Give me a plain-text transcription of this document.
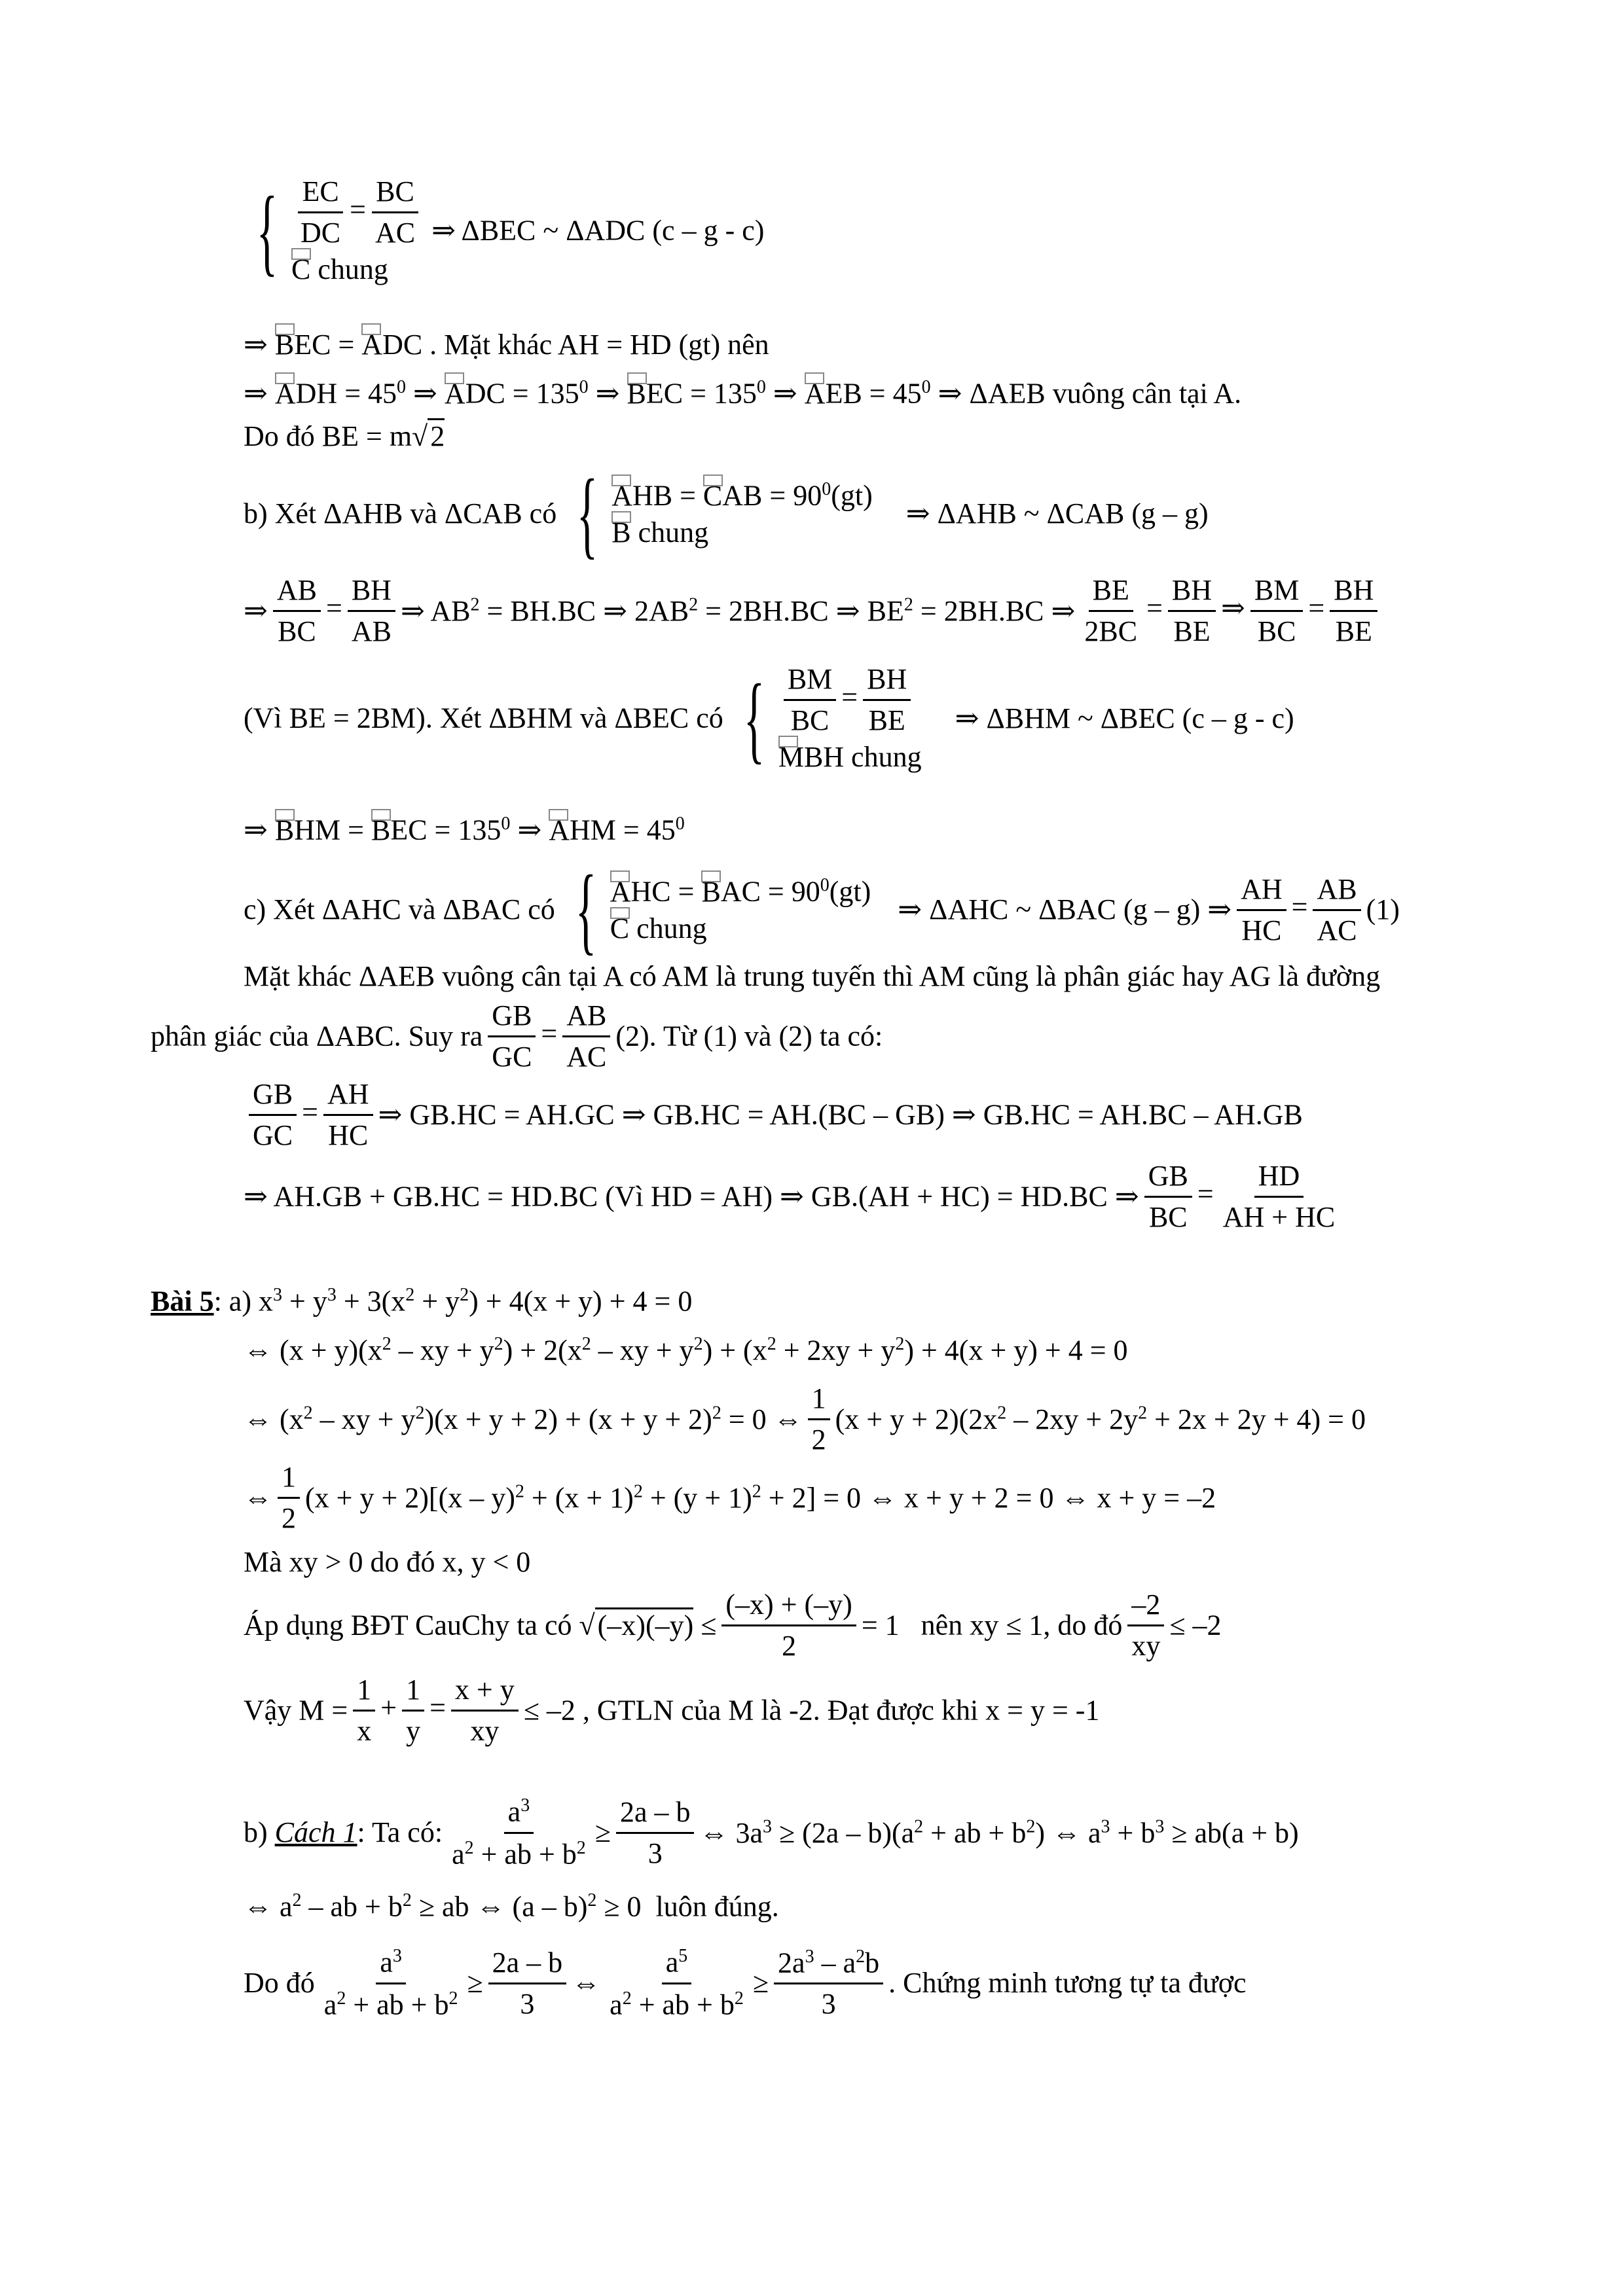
{ $\frac{EC}{DC} = \frac{BC}{AC}$
C chung
⇒ ΔBEC ~ ΔADC (c – g - c)
⇒ BEC = ADC . Mặt khác AH = HD (gt) nên
⇒ ADH = $45^0$ ⇒ ADC = $135^0$ ⇒ BEC = $135^0$ ⇒ AEB = $45^0$ ⇒ ΔAEB vuông cân tại A.
Do đó BE = m√2
b) Xét ΔAHB và ΔCAB có { AHB = CAB = $90^0(gt)$
B chung
⇒ ΔAHB ~ ΔCAB (g – g)
⇒ $\frac{AB}{BC} = \frac{BH}{AB}$ ⇒ $AB^2 = BH.BC$ ⇒ $2AB^2 = 2BH.BC$ ⇒ $BE^2 = 2BH.BC$ ⇒ $\frac{BE}{2BC} = \frac{BH}{BE}$ ⇒ $\frac{BM}{BC} = \frac{BH}{BE}$
(Vì BE = 2BM). Xét ΔBHM và ΔBEC có { $\frac{BM}{BC} = \frac{BH}{BE}$
MBH chung
⇒ ΔBHM ~ ΔBEC (c – g - c)
⇒ BHM = BEC = $135^0$ ⇒ AHM = $45^0$
c) Xét ΔAHC và ΔBAC có { AHC = BAC = $90^0(gt)$
C chung
⇒ ΔAHC ~ ΔBAC (g – g) ⇒ $\frac{AH}{HC} = \frac{AB}{AC} (1)$
Mặt khác ΔAEB vuông cân tại A có AM là trung tuyến thì AM cũng là phân giác hay AG là đường
phân giác của ΔABC. Suy ra $\frac{GB}{GC} = \frac{AB}{AC} (2)$. Từ (1) và (2) ta có:
$\frac{GB}{GC} = \frac{AH}{HC}$ ⇒ GB.HC = AH.GC ⇒ GB.HC = AH.(BC – GB) ⇒ GB.HC = AH.BC – AH.GB
⇒ AH.GB + GB.HC = HD.BC (Vì HD = AH) ⇒ GB.(AH + HC) = HD.BC ⇒ $\frac{GB}{BC} = \frac{HD}{AH + HC}$
Bài 5: a) $x^3 + y^3 + 3(x^2 + y^2) + 4(x + y) + 4 = 0$
⇔ $(x + y)(x^2$ – xy + $y^2) + 2(x^2$ – xy + $y^2) + (x^2 + 2xy + y^2) + 4(x + y) + 4 = 0$
⇔ ($x^2$ – xy + $y^2)(x + y + 2) + (x + y + 2)^2 = 0$ ⇔ $\frac{1}{2} (x + y + 2)(2x^2 - 2xy + 2y^2 + 2x + 2y + 4) = 0$
⇔ $\frac{1}{2} (x + y + 2)[(x - y)^2 + (x + 1)^2 + (y + 1)^2 + 2] = 0$ ⇔ x + y + 2 = 0 ⇔ x + y = –2
Mà xy > 0 do đó x, y < 0
Áp dụng BĐT CauChy ta có $√(-x)(-y) \le \frac{(-x) + (-y)}{2} = 1$   nên xy ≤ 1, do đó $\frac{-2}{xy} \le -2$
Vậy $M = \frac{1}{x} + \frac{1}{y} = \frac{x + y}{xy} \le -2$ , GTLN của M là -2. Đạt được khi x = y = -1
b) Cách 1: Ta có: $\frac{a^3}{a^2 + ab + b^2} \ge \frac{2a - b}{3}$ ⇔ $3a^3 \ge (2a - b)(a^2$ + ab + $b^2$) ⇔ $a^3 + b^3 \ge ab(a + b)$
⇔ $a^2$ – ab + $b^2$ ≥ ab ⇔ (a – b)$^2$ ≥ 0  luôn đúng.
Do đó $\frac{a^3}{a^2 + ab + b^2} \ge \frac{2a - b}{3}$ ⇔ $\frac{a^5}{a^2 + ab + b^2} \ge \frac{2a^3 - a^2b}{3}$ . Chứng minh tương tự ta được
